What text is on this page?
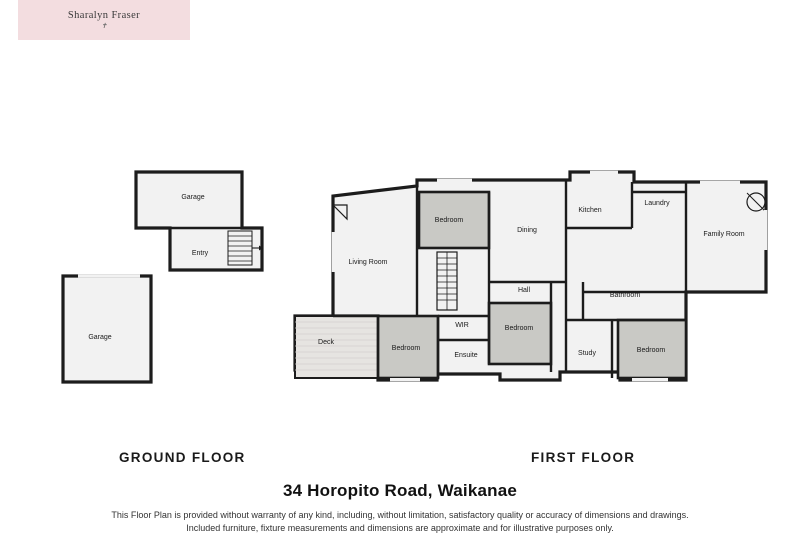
Sharalyn Fraser
✝
Bedroom
Dining
Kitchen
Laundry
Family Room
Living Room
Hall
Bathroom
WIR	Bedroom
Deck
Bedroom
Ensuite	Study	Bedroom
Garage
Entry
Garage
GROUND FLOOR	FIRST FLOOR
34 Horopito Road, Waikanae
This Floor Plan is provided without warranty of any kind, including, without limitation, satisfactory quality or accuracy of dimensions and drawings.
Included furniture, fixture measurements and dimensions are approximate and for illustrative purposes only.
